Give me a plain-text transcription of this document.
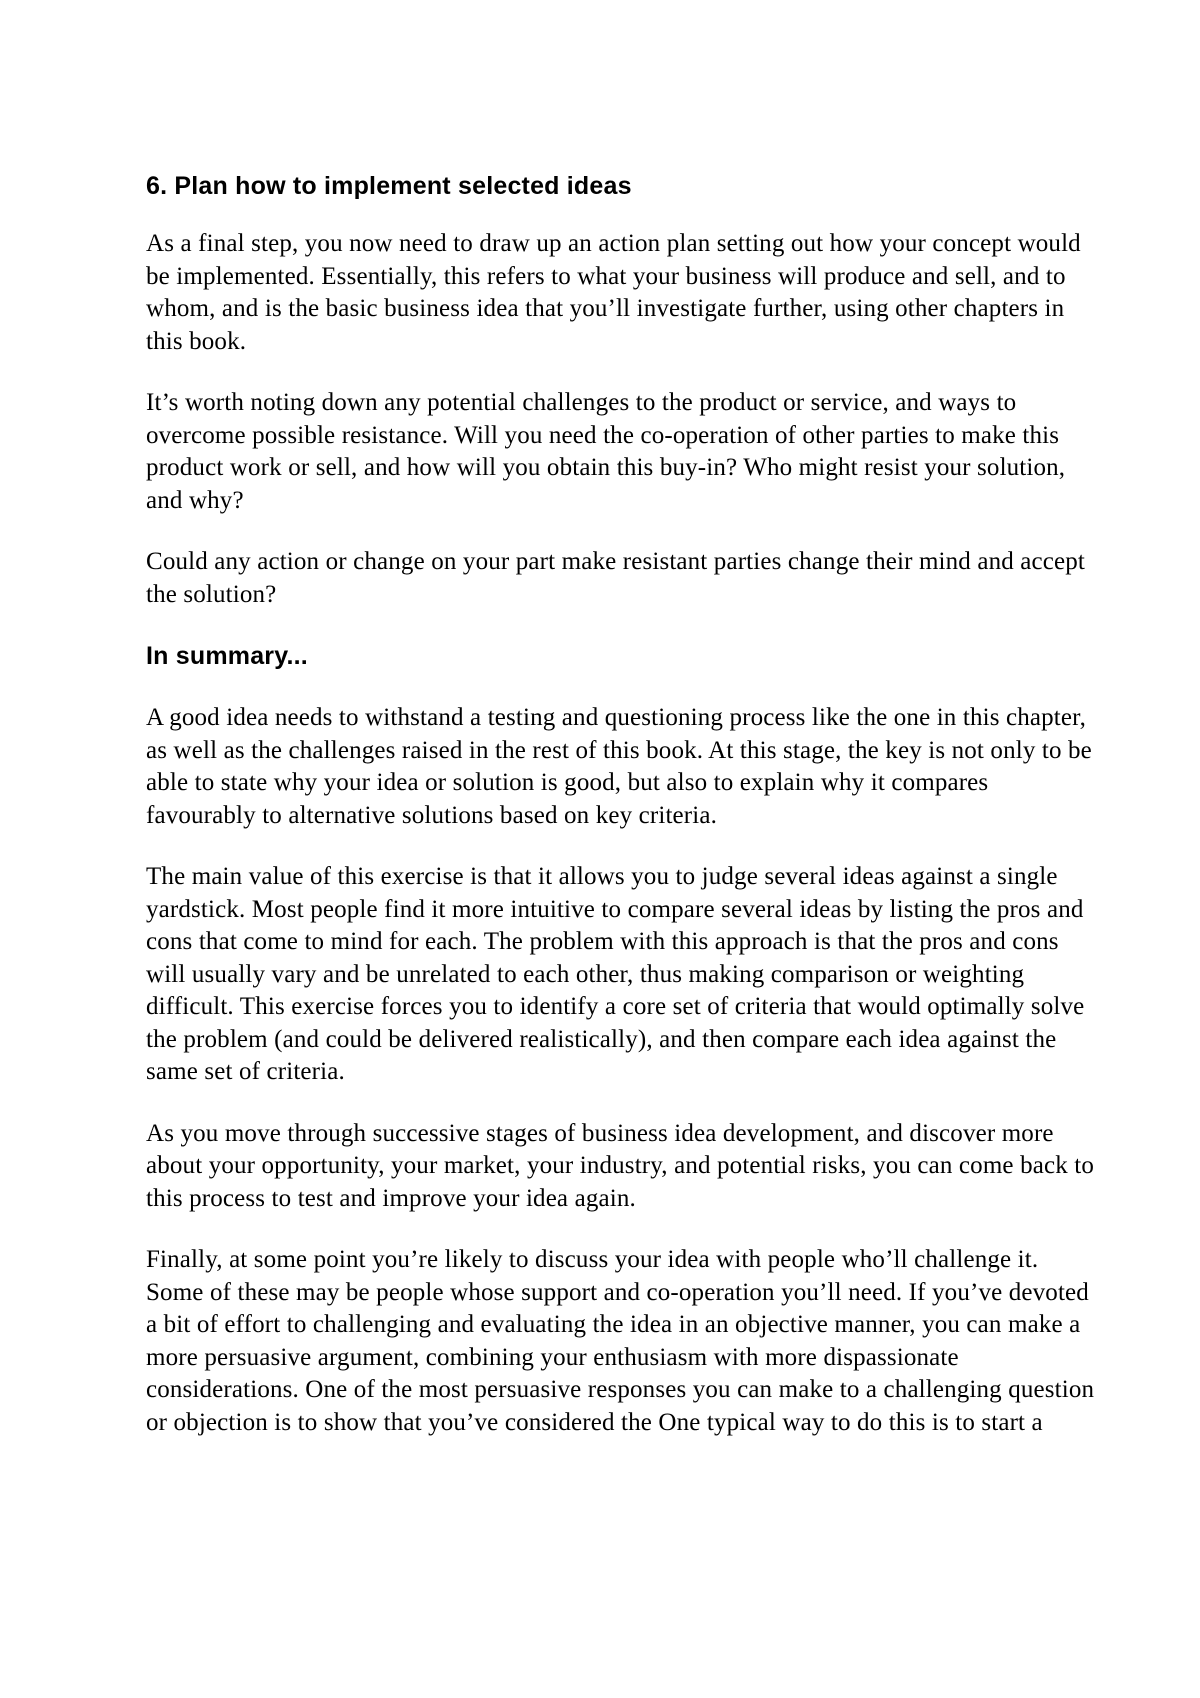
6. Plan how to implement selected ideas

As a final step, you now need to draw up an action plan setting out how your concept would be implemented. Essentially, this refers to what your business will produce and sell, and to whom, and is the basic business idea that you’ll investigate further, using other chapters in this book.

It’s worth noting down any potential challenges to the product or service, and ways to overcome possible resistance. Will you need the co-operation of other parties to make this product work or sell, and how will you obtain this buy-in? Who might resist your solution, and why?

Could any action or change on your part make resistant parties change their mind and accept the solution?

In summary...

A good idea needs to withstand a testing and questioning process like the one in this chapter, as well as the challenges raised in the rest of this book. At this stage, the key is not only to be able to state why your idea or solution is good, but also to explain why it compares favourably to alternative solutions based on key criteria.

The main value of this exercise is that it allows you to judge several ideas against a single yardstick. Most people find it more intuitive to compare several ideas by listing the pros and cons that come to mind for each. The problem with this approach is that the pros and cons will usually vary and be unrelated to each other, thus making comparison or weighting difficult. This exercise forces you to identify a core set of criteria that would optimally solve the problem (and could be delivered realistically), and then compare each idea against the same set of criteria.

As you move through successive stages of business idea development, and discover more about your opportunity, your market, your industry, and potential risks, you can come back to this process to test and improve your idea again.

Finally, at some point you’re likely to discuss your idea with people who’ll challenge it. Some of these may be people whose support and co-operation you’ll need. If you’ve devoted a bit of effort to challenging and evaluating the idea in an objective manner, you can make a more persuasive argument, combining your enthusiasm with more dispassionate considerations. One of the most persuasive responses you can make to a challenging question or objection is to show that you’ve considered the One typical way to do this is to start a
